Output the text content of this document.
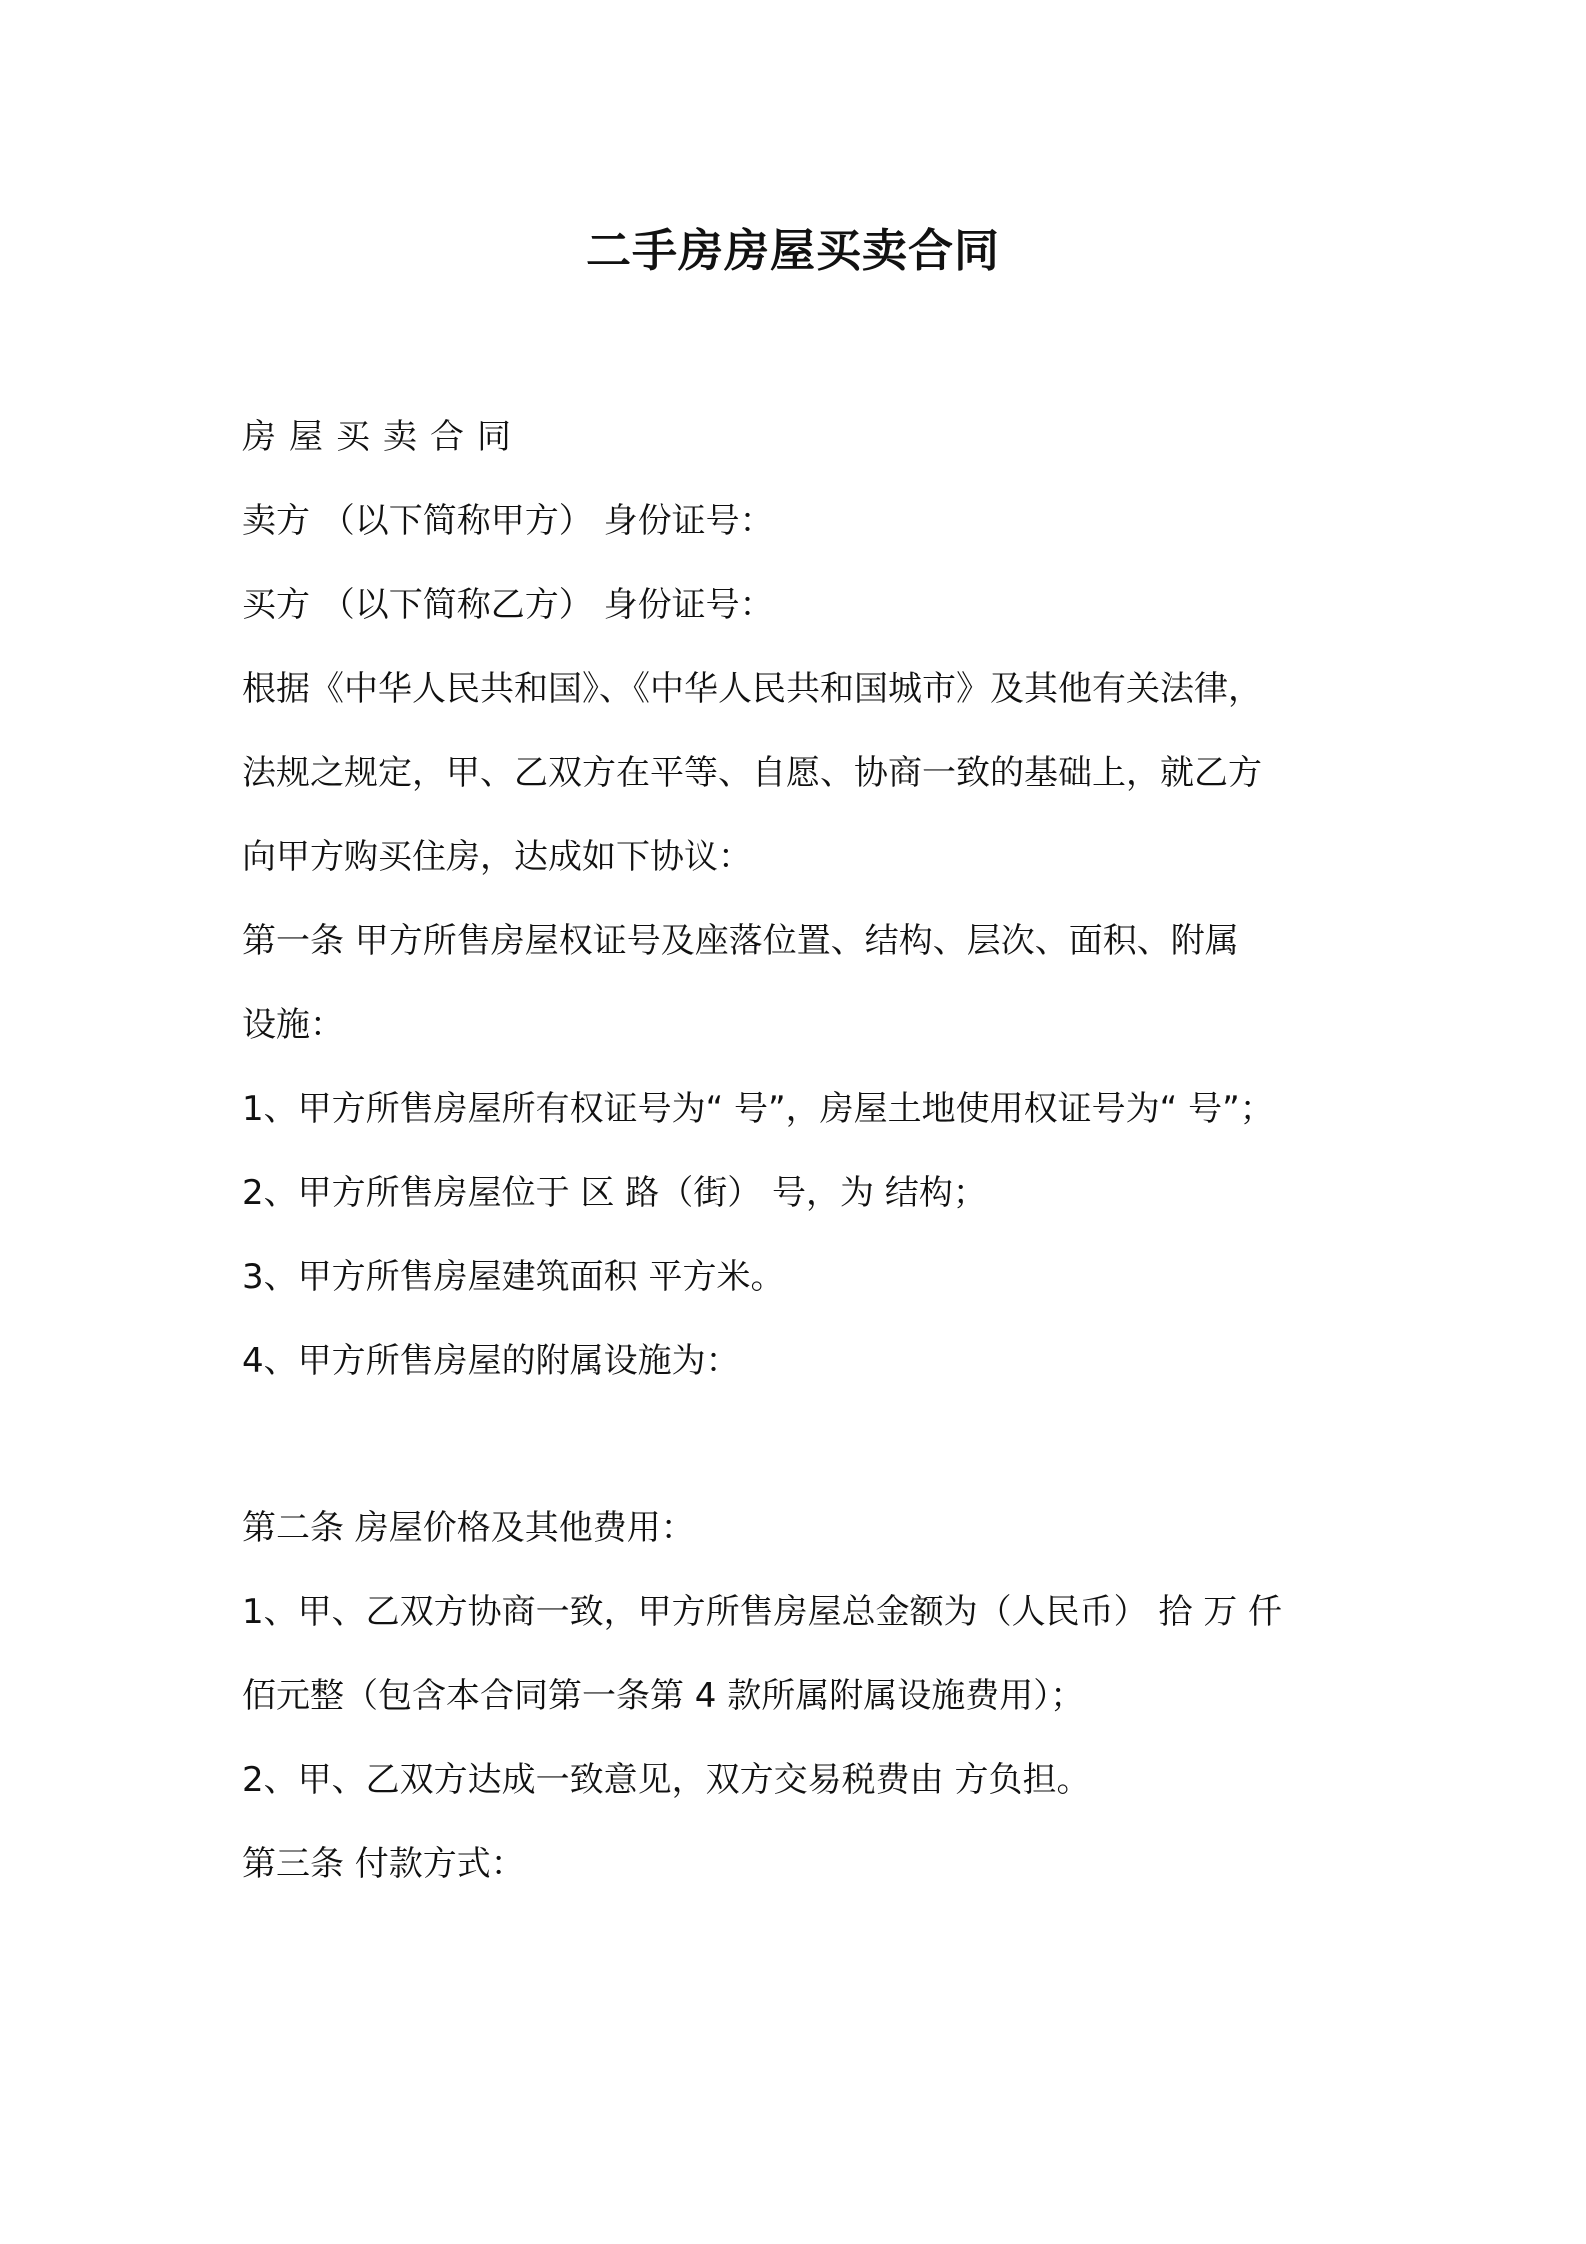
二手房房屋买卖合同

房屋买卖合同

卖方 （以下简称甲方） 身份证号：

买方 （以下简称乙方） 身份证号：

根据《中华人民共和国》、《中华人民共和国城市》及其他有关法律，

法规之规定，甲、乙双方在平等、自愿、协商一致的基础上，就乙方

向甲方购买住房，达成如下协议：

第一条 甲方所售房屋权证号及座落位置、结构、层次、面积、附属

设施：

1、甲方所售房屋所有权证号为“ 号”，房屋土地使用权证号为“ 号”；

2、甲方所售房屋位于 区 路（街） 号，为 结构；

3、甲方所售房屋建筑面积 平方米。

4、甲方所售房屋的附属设施为：

第二条 房屋价格及其他费用：

1、甲、乙双方协商一致，甲方所售房屋总金额为（人民币） 拾 万 仟

佰元整（包含本合同第一条第 4 款所属附属设施费用）；

2、甲、乙双方达成一致意见，双方交易税费由 方负担。

第三条 付款方式：
